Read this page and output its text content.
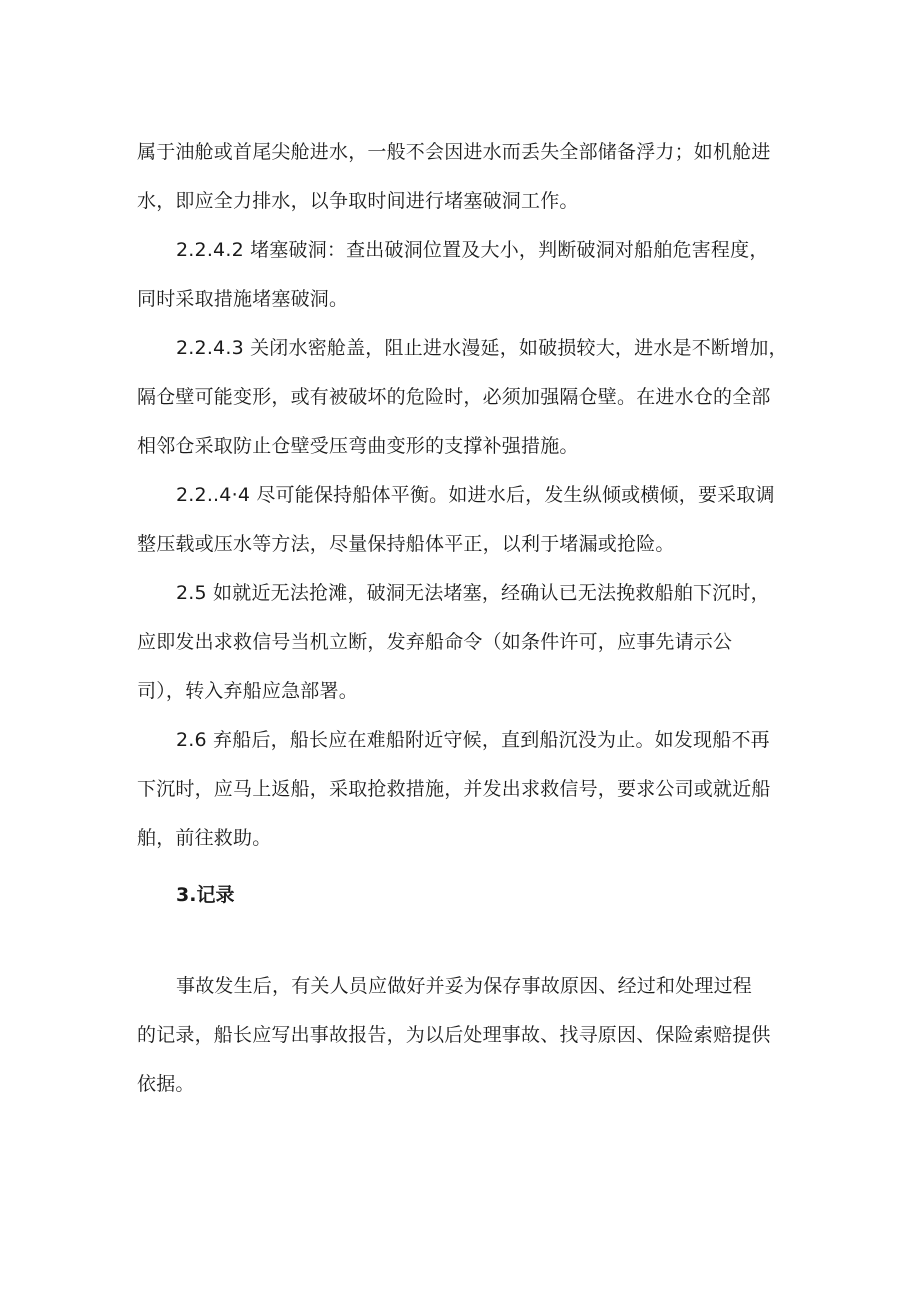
属于油舱或首尾尖舱进水，一般不会因进水而丢失全部储备浮力；如机舱进
水，即应全力排水，以争取时间进行堵塞破洞工作。
2.2.4.2 堵塞破洞：查出破洞位置及大小，判断破洞对船舶危害程度，
同时采取措施堵塞破洞。
2.2.4.3 关闭水密舱盖，阻止进水漫延，如破损较大，进水是不断增加，
隔仓壁可能变形，或有被破坏的危险时，必须加强隔仓壁。在进水仓的全部
相邻仓采取防止仓壁受压弯曲变形的支撑补强措施。
2.2..4·4 尽可能保持船体平衡。如进水后，发生纵倾或横倾，要采取调
整压载或压水等方法，尽量保持船体平正，以利于堵漏或抢险。
2.5 如就近无法抢滩，破洞无法堵塞，经确认已无法挽救船舶下沉时，
应即发出求救信号当机立断，发弃船命令（如条件许可，应事先请示公
司），转入弃船应急部署。
2.6 弃船后，船长应在难船附近守候，直到船沉没为止。如发现船不再
下沉时，应马上返船，采取抢救措施，并发出求救信号，要求公司或就近船
舶，前往救助。
3.记录
事故发生后，有关人员应做好并妥为保存事故原因、经过和处理过程
的记录，船长应写出事故报告，为以后处理事故、找寻原因、保险索赔提供
依据。
